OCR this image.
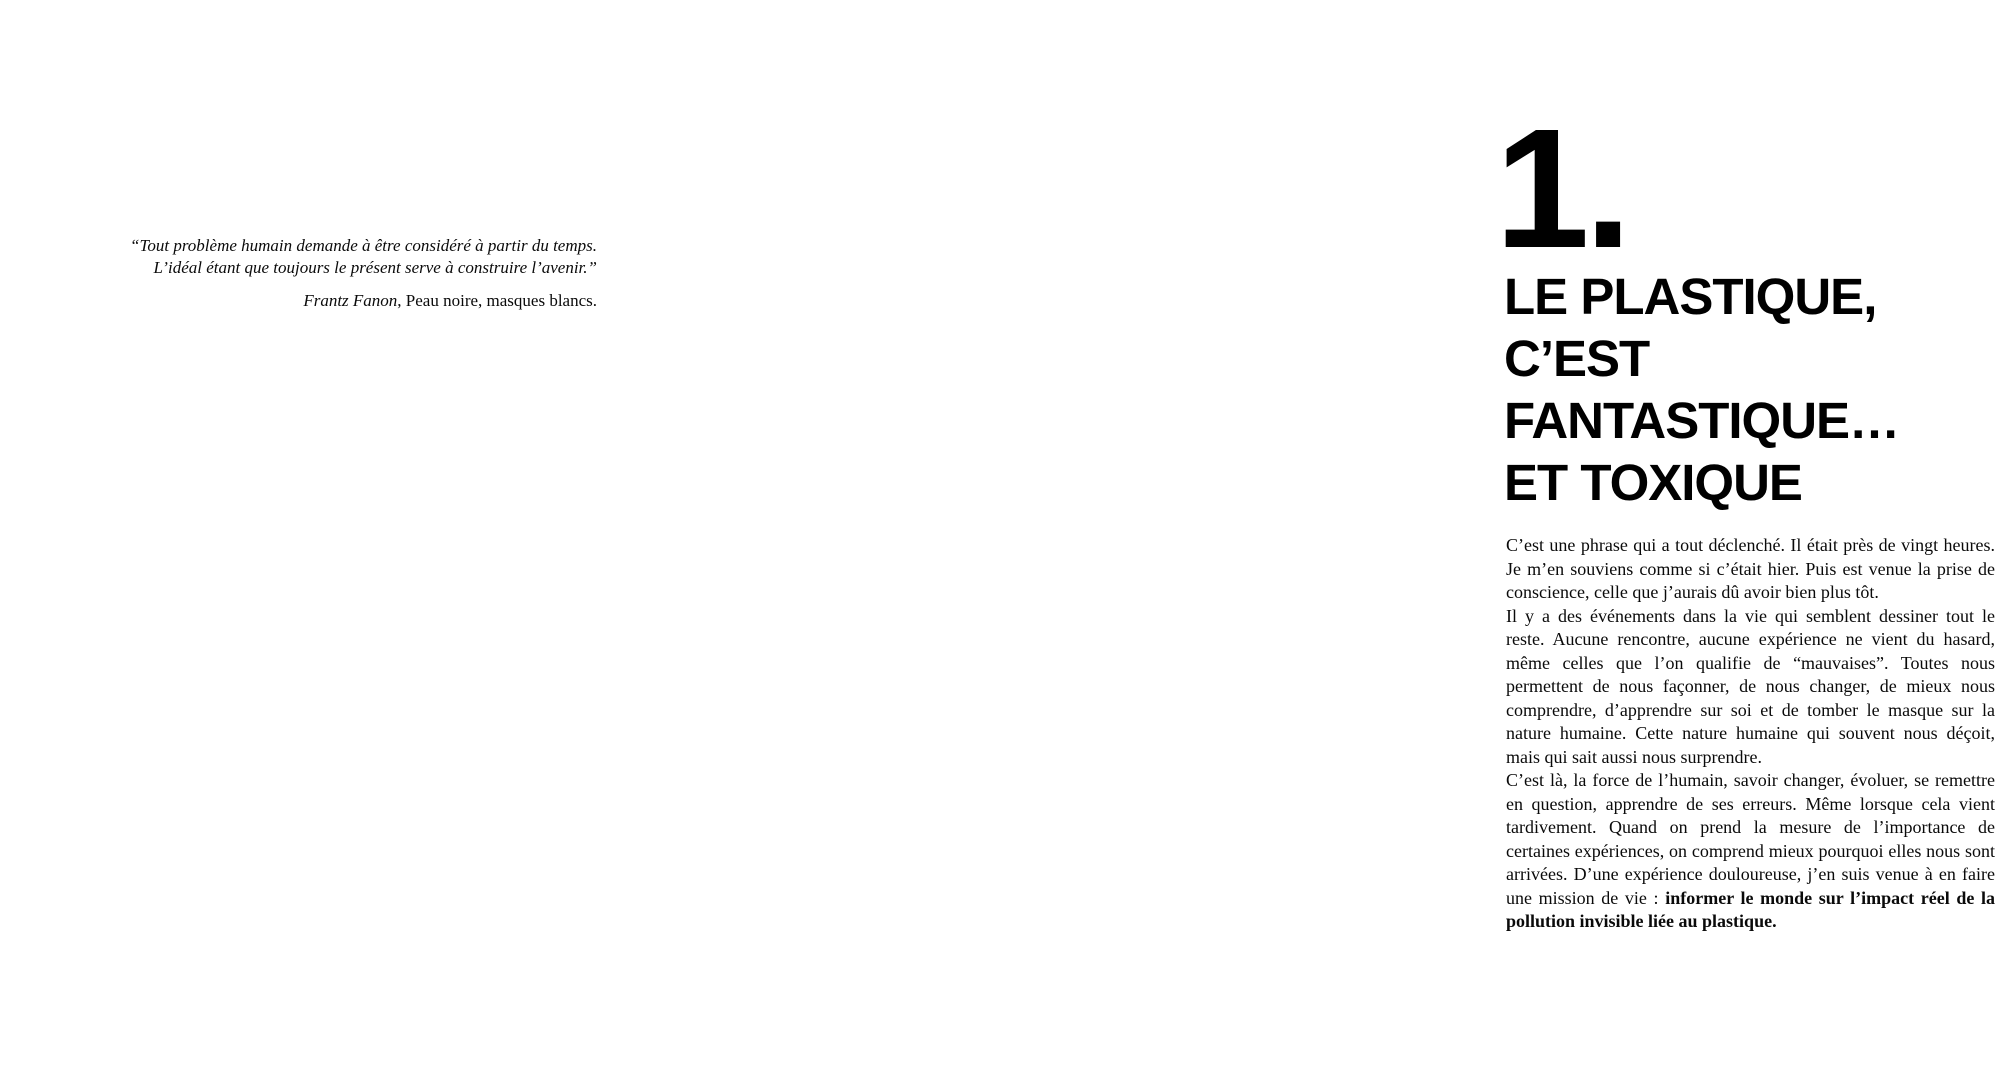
“Tout problème humain demande à être considéré à partir du temps.
L’idéal étant que toujours le présent serve à construire l’avenir.”
Frantz Fanon, Peau noire, masques blancs.
1.
LE PLASTIQUE,
C’EST
FANTASTIQUE…
ET TOXIQUE

C’est une phrase qui a tout déclenché. Il était près de vingt heures. Je m’en souviens comme si c’était hier. Puis est venue la prise de conscience, celle que j’aurais dû avoir bien plus tôt.

Il y a des événements dans la vie qui semblent dessiner tout le reste. Aucune rencontre, aucune expérience ne vient du hasard, même celles que l’on qualifie de “mauvaises”. Toutes nous permettent de nous façonner, de nous changer, de mieux nous comprendre, d’apprendre sur soi et de tomber le masque sur la nature humaine. Cette nature humaine qui souvent nous déçoit, mais qui sait aussi nous surprendre.

C’est là, la force de l’humain, savoir changer, évoluer, se remettre en question, apprendre de ses erreurs. Même lorsque cela vient tardivement. Quand on prend la mesure de l’importance de certaines expériences, on comprend mieux pourquoi elles nous sont arrivées. D’une expérience douloureuse, j’en suis venue à en faire une mission de vie : informer le monde sur l’impact réel de la pollution invisible liée au plastique.
